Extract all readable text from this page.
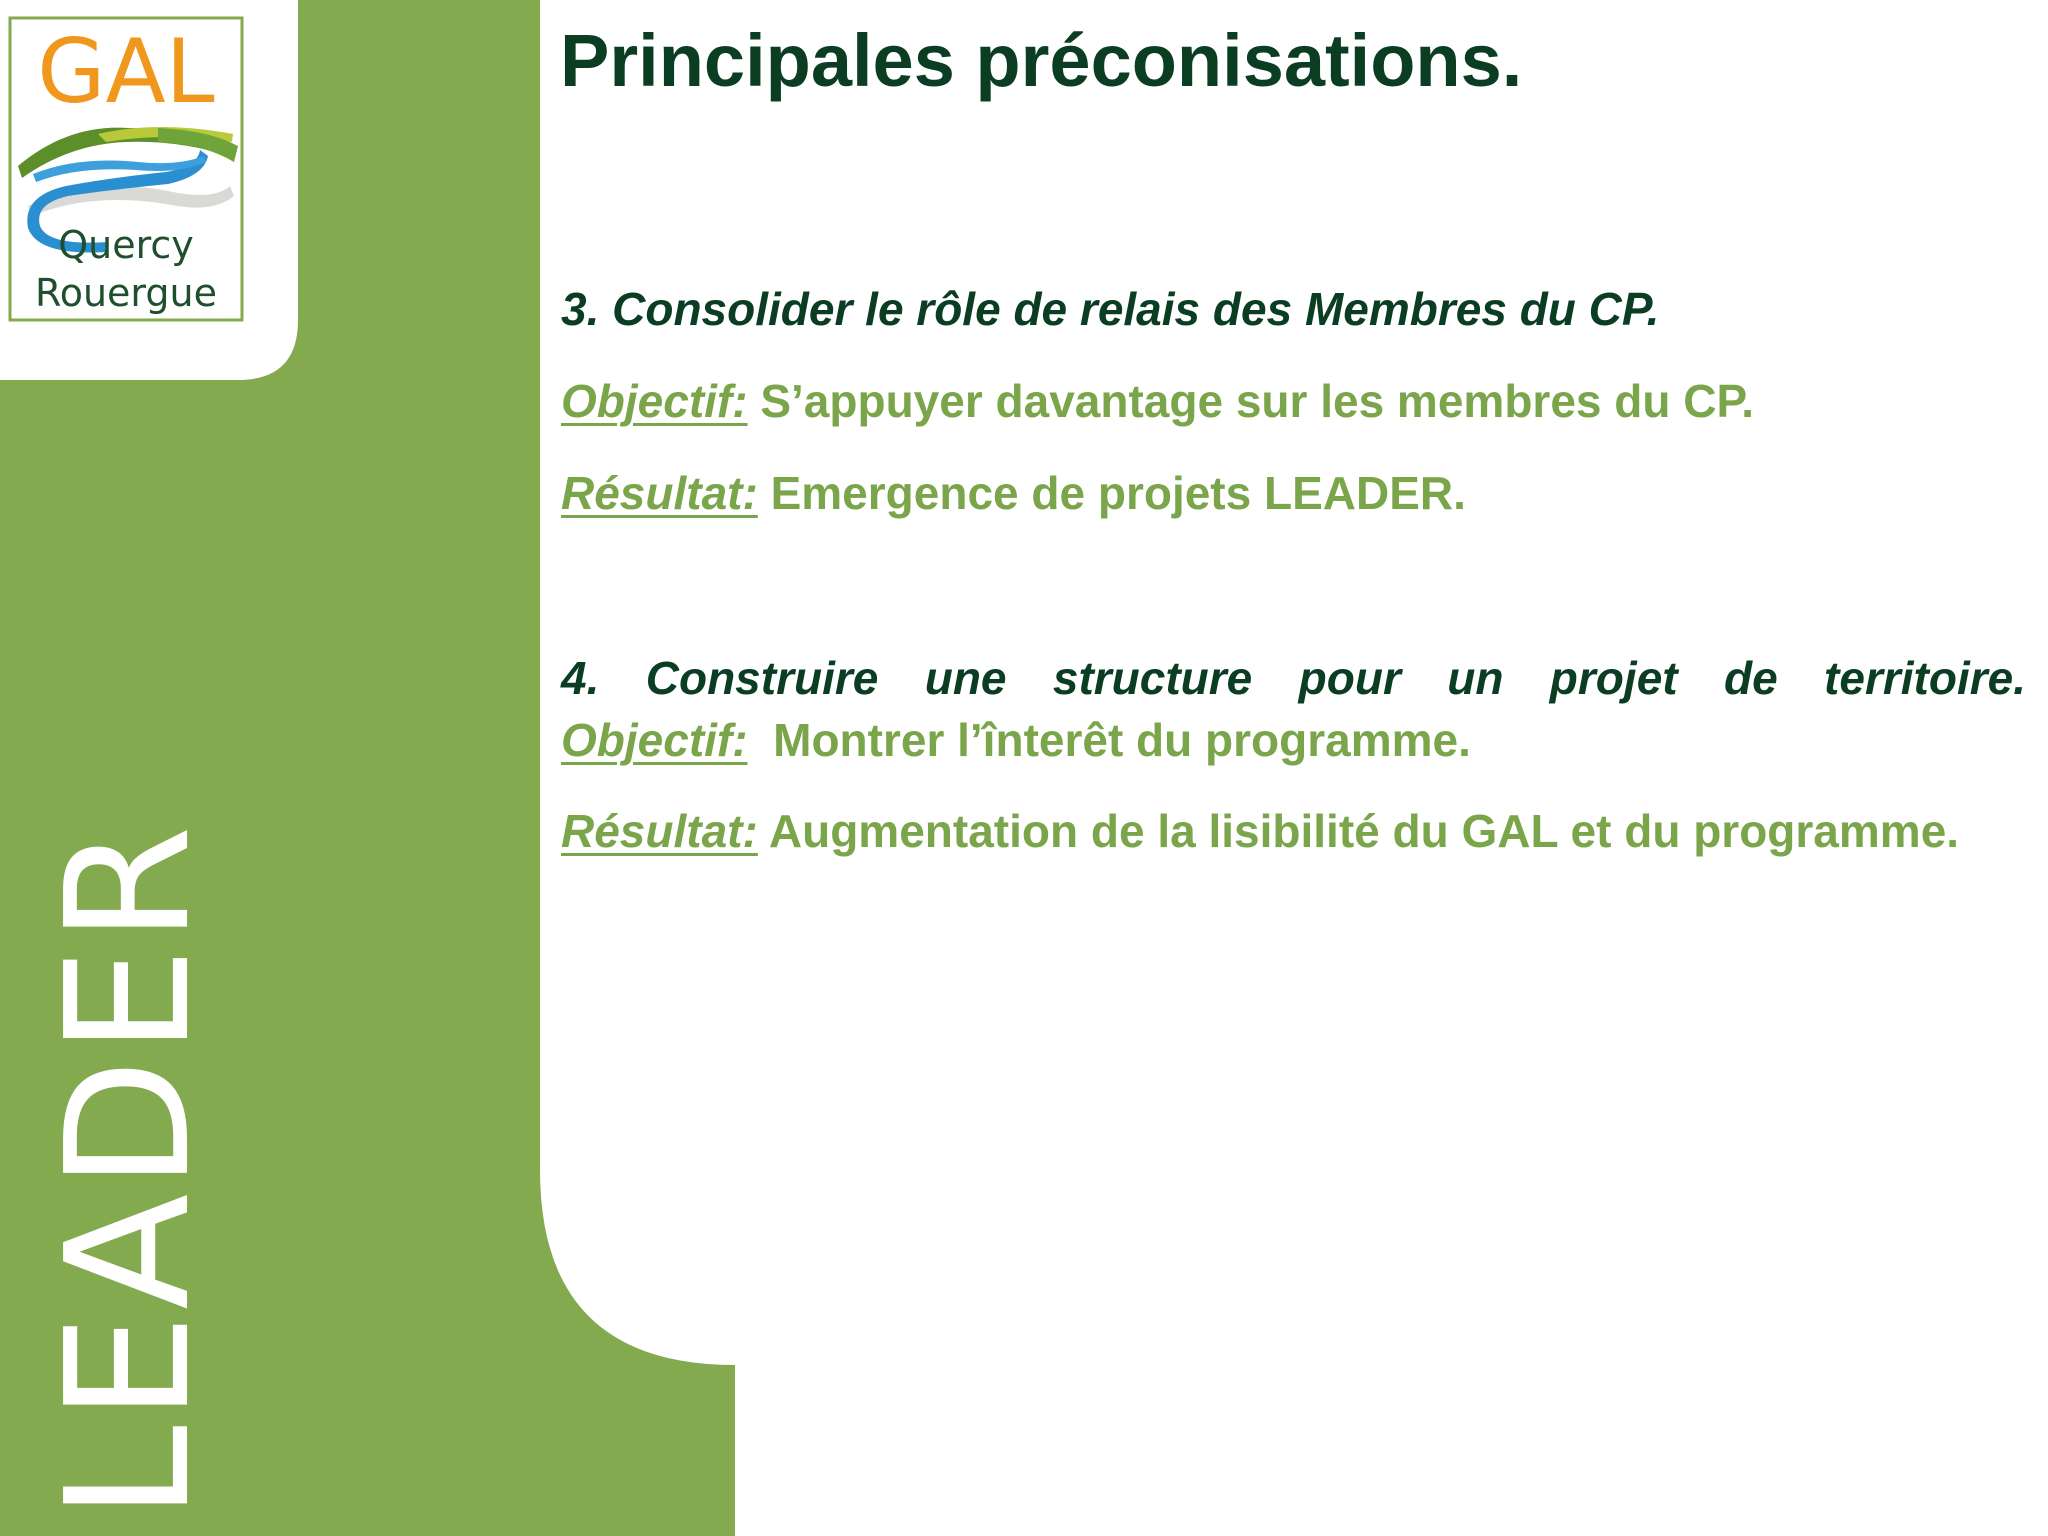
GAL
Quercy
Rouergue
LEADER
Principales préconisations.

3. Consolider le rôle de relais des Membres du CP.

Objectif: S’appuyer davantage sur les membres du CP.

Résultat: Emergence de projets LEADER.

4. Construire une structure pour un projet de territoire.

Objectif: Montrer l’înterêt du programme.

Résultat: Augmentation de la lisibilité du GAL et du programme.
